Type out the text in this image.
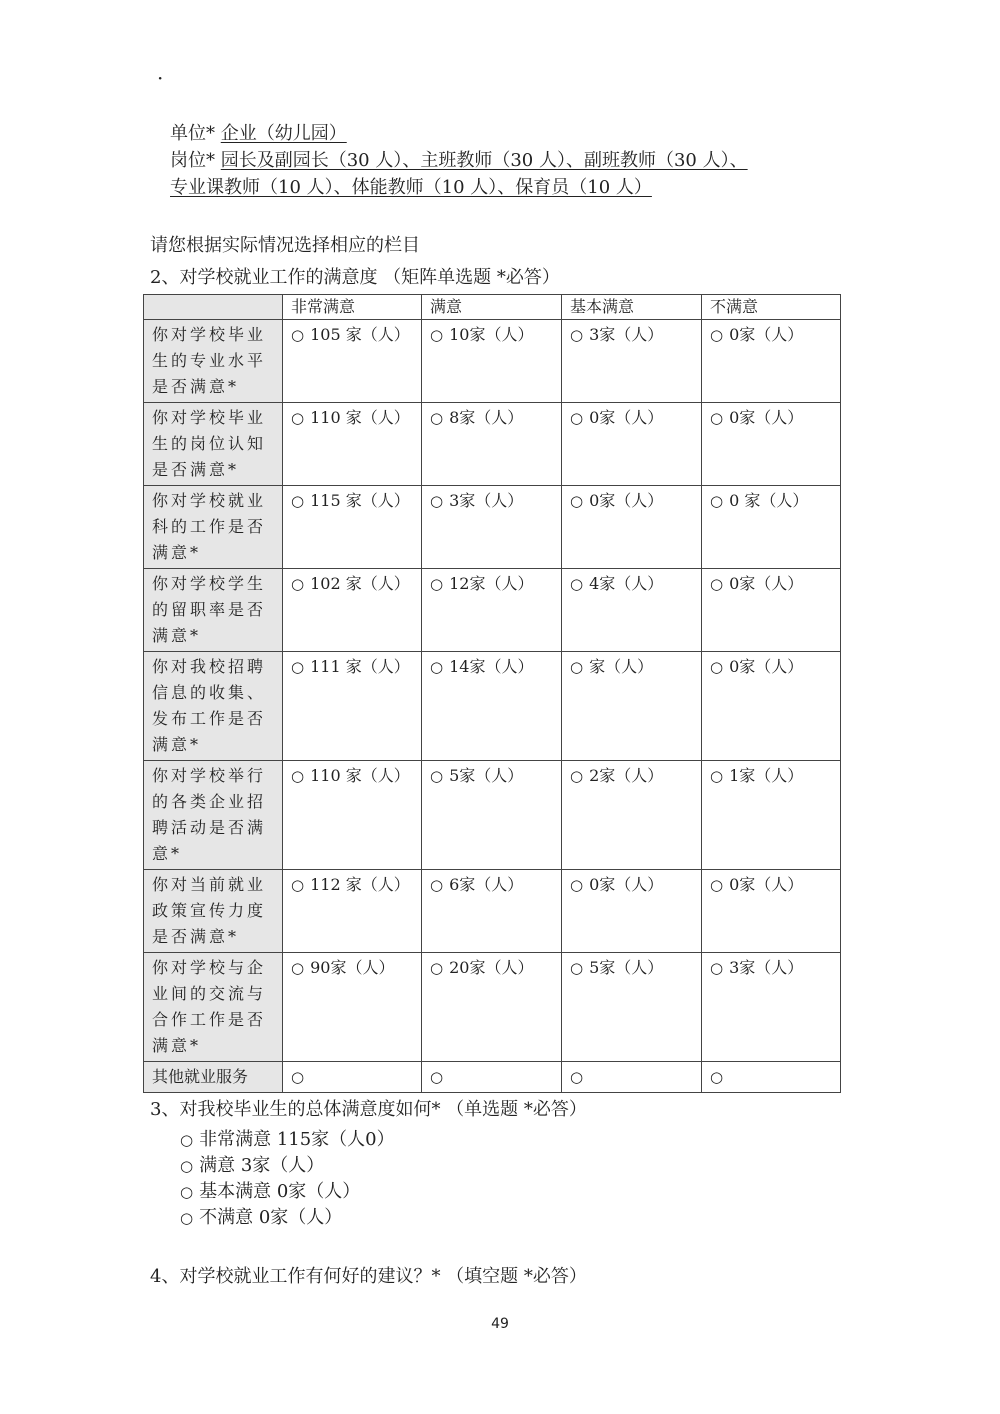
·
单位* 企业（幼儿园）
岗位* 园长及副园长（30 人）、主班教师（30 人）、副班教师（30 人）、
专业课教师（10 人）、体能教师（10 人）、保育员（10 人）
请您根据实际情况选择相应的栏目
2、对学校就业工作的满意度 （矩阵单选题 *必答）
	非常满意	满意	基本满意	不满意
你对学校毕业生的专业水平是否满意*	○ 105 家（人）	○ 10家（人）	○ 3家（人）	○ 0家（人）
你对学校毕业生的岗位认知是否满意*	○ 110 家（人）	○ 8家（人）	○ 0家（人）	○ 0家（人）
你对学校就业科的工作是否满意*	○ 115 家（人）	○ 3家（人）	○ 0家（人）	○ 0 家（人）
你对学校学生的留职率是否满意*	○ 102 家（人）	○ 12家（人）	○ 4家（人）	○ 0家（人）
你对我校招聘信息的收集、发布工作是否满意*	○ 111 家（人）	○ 14家（人）	○ 家（人）	○ 0家（人）
你对学校举行的各类企业招聘活动是否满意*	○ 110 家（人）	○ 5家（人）	○ 2家（人）	○ 1家（人）
你对当前就业政策宣传力度是否满意*	○ 112 家（人）	○ 6家（人）	○ 0家（人）	○ 0家（人）
你对学校与企业间的交流与合作工作是否满意*	○ 90家（人）	○ 20家（人）	○ 5家（人）	○ 3家（人）
其他就业服务	○	○	○	○
3、对我校毕业生的总体满意度如何* （单选题 *必答）
○ 非常满意 115家（人0）
○ 满意 3家（人）
○ 基本满意 0家（人）
○ 不满意 0家（人）
4、对学校就业工作有何好的建议？* （填空题 *必答）
49
